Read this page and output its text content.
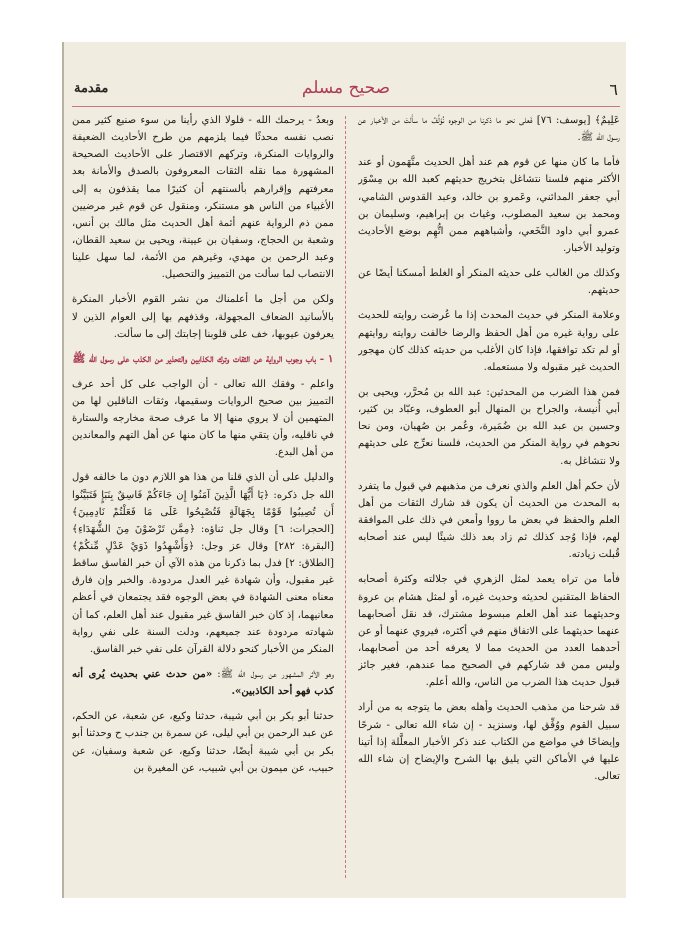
٦
صحيح مسلم
مقدمة

عَلِيمٌ﴾ [يوسف: ٧٦] فَعلى نحو ما ذكرنا من الوجوه نُؤلِّفُ ما سأَلتَ من الأخبار عن رسول الله ﷺ.

فأما ما كان منها عن قوم هم عند أهل الحديث متَّهَمون أو عند الأكثر منهم فلسنا نتشاغل بتخريج حديثهم كعبد الله بن مِسْوَر أبي جعفر المدائني، وعَمرو بن خالد، وعبد القدوس الشامي، ومحمد بن سعيد المصلوب، وغياث بن إبراهيم، وسليمان بن عمرو أبي داود النَّخَعي، وأشباههم ممن اتُّهِم بوضع الأحاديث وتوليد الأخبار.

وكذلك من الغالب على حديثه المنكر أو الغلط أمسكنا أيضًا عن حديثهم.

وعلامة المنكر في حديث المحدث إذا ما عُرضت روايته للحديث على رواية غيره من أهل الحفظ والرضا خالفت روايته روايتهم أو لم تكد توافقها، فإذا كان الأغلب من حديثه كذلك كان مهجور الحديث غير مقبوله ولا مستعمله.

فمن هذا الضرب من المحدثين: عبد الله بن مُحرَّر، ويحيى بن أبي أُنيسة، والجراح بن المنهال أبو العطوف، وعبّاد بن كثير، وحسين بن عبد الله بن ضُمَيرة، وعُمر بن صُهبان، ومن نحا نحوهم في رواية المنكر من الحديث، فلسنا نعرِّج على حديثهم ولا نتشاغل به.

لأن حكم أهل العلم والذي نعرف من مذهبهم في قبول ما يتفرد به المحدث من الحديث أن يكون قد شارك الثقات من أهل العلم والحفظ في بعض ما رووا وأمعن في ذلك على الموافقة لهم، فإذا وُجد كذلك ثم زاد بعد ذلك شيئًا ليس عند أصحابه قُبلت زيادته.

فأما من تراه يعمد لمثل الزهري في جلالته وكثرة أصحابه الحفاظ المتقنين لحديثه وحديث غيره، أو لمثل هشام بن عروة وحديثهما عند أهل العلم مبسوط مشترك، قد نقل أصحابهما عنهما حديثهما على الاتفاق منهم في أكثره، فيروي عنهما أو عن أحدهما العدد من الحديث مما لا يعرفه أحد من أصحابهما، وليس ممن قد شاركهم في الصحيح مما عندهم، فغير جائز قبول حديث هذا الضرب من الناس، والله أعلم.

قد شرحنا من مذهب الحديث وأهله بعض ما يتوجه به من أراد سبيل القوم ووُفِّق لها، وسنزيد - إن شاء الله تعالى - شرحًا وإيضاحًا في مواضع من الكتاب عند ذكر الأخبار المعلَّلة إذا أتينا عليها في الأماكن التي يليق بها الشرح والإيضاح إن شاء الله تعالى.

وبعدُ - يرحمك الله - فلولا الذي رأينا من سوء صنيع كثير ممن نصب نفسه محدثًا فيما يلزمهم من طرح الأحاديث الضعيفة والروايات المنكرة، وتركهم الاقتصار على الأحاديث الصحيحة المشهورة مما نقله الثقات المعروفون بالصدق والأمانة بعد معرفتهم وإقرارهم بألسنتهم أن كثيرًا مما يقذفون به إلى الأغبياء من الناس هو مستنكر، ومنقول عن قوم غير مرضيين ممن ذم الرواية عنهم أئمة أهل الحديث مثل مالك بن أنس، وشعبة بن الحجاج، وسفيان بن عيينة، ويحيى بن سعيد القطان، وعبد الرحمن بن مهدي، وغيرهم من الأئمة، لما سهل علينا الانتصاب لما سألت من التمييز والتحصيل.

ولكن من أجل ما أعلمناك من نشر القوم الأخبار المنكرة بالأسانيد الضعاف المجهولة، وقذفهم بها إلى العوام الذين لا يعرفون عيوبها، خف على قلوبنا إجابتك إلى ما سألت.

١ - باب وجوب الرواية عن الثقات وترك الكذابين والتحذير من الكذب على رسول الله ﷺ

واعلم - وفقك الله تعالى - أن الواجب على كل أحد عرف التمييز بين صحيح الروايات وسقيمها، وثقات الناقلين لها من المتهمين أن لا يروي منها إلا ما عرف صحة مخارجه والستارة في ناقليه، وأن يتقي منها ما كان منها عن أهل التهم والمعاندين من أهل البدع.

والدليل على أن الذي قلنا من هذا هو اللازم دون ما خالفه قول الله جل ذكره: ﴿يَا أَيُّهَا الَّذِينَ آمَنُوا إِن جَاءَكُمْ فَاسِقٌ بِنَبَإٍ فَتَبَيَّنُوا أَن تُصِيبُوا قَوْمًا بِجَهَالَةٍ فَتُصْبِحُوا عَلَى مَا فَعَلْتُمْ نَادِمِينَ﴾ [الحجرات: ٦] وقال جل ثناؤه: ﴿مِمَّن تَرْضَوْنَ مِنَ الشُّهَدَاءِ﴾ [البقرة: ٢٨٢] وقال عز وجل: ﴿وَأَشْهِدُوا ذَوَيْ عَدْلٍ مِّنكُمْ﴾ [الطلاق: ٢] فدل بما ذكرنا من هذه الآي أن خبر الفاسق ساقط غير مقبول، وأن شهادة غير العدل مردودة. والخبر وإن فارق معناه معنى الشهادة في بعض الوجوه فقد يجتمعان في أعظم معانيهما، إذ كان خبر الفاسق غير مقبول عند أهل العلم، كما أن شهادته مردودة عند جميعهم، ودلت السنة على نفي رواية المنكر من الأخبار كنحو دلالة القرآن على نفي خبر الفاسق.

وهو الأثر المشهور عن رسول الله ﷺ: «من حدث عني بحديث يُرى أنه كذب فهو أحد الكاذبين».

حدثنا أبو بكر بن أبي شيبة، حدثنا وكيع، عن شعبة، عن الحكم، عن عبد الرحمن بن أبي ليلى، عن سمرة بن جندب ح وحدثنا أبو بكر بن أبي شيبة أيضًا، حدثنا وكيع، عن شعبة وسفيان، عن حبيب، عن ميمون بن أبي شبيب، عن المغيرة بن
